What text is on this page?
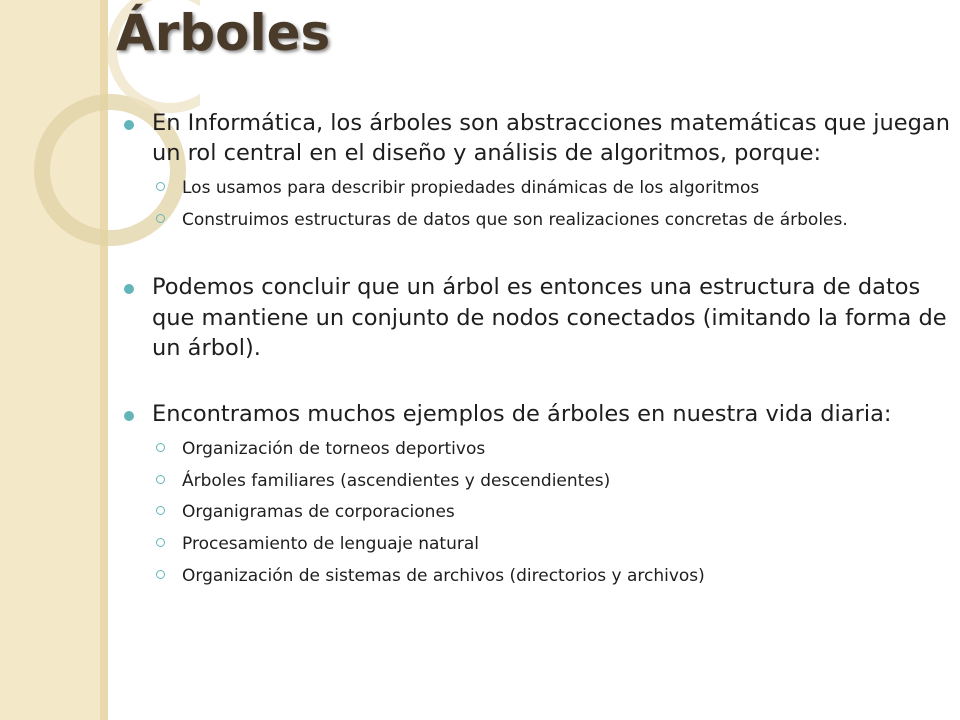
Árboles
En Informática, los árboles son abstracciones matemáticas que juegan un rol central en el diseño y análisis de algoritmos, porque:
Los usamos para describir propiedades dinámicas de los algoritmos
Construimos estructuras de datos que son realizaciones concretas de árboles.
Podemos concluir que un árbol es entonces una estructura de datos que mantiene un conjunto de nodos conectados (imitando la forma de un árbol).
Encontramos muchos ejemplos de árboles en nuestra vida diaria:
Organización de torneos deportivos
Árboles familiares (ascendientes y descendientes)
Organigramas de corporaciones
Procesamiento de lenguaje natural
Organización de sistemas de archivos (directorios y archivos)
